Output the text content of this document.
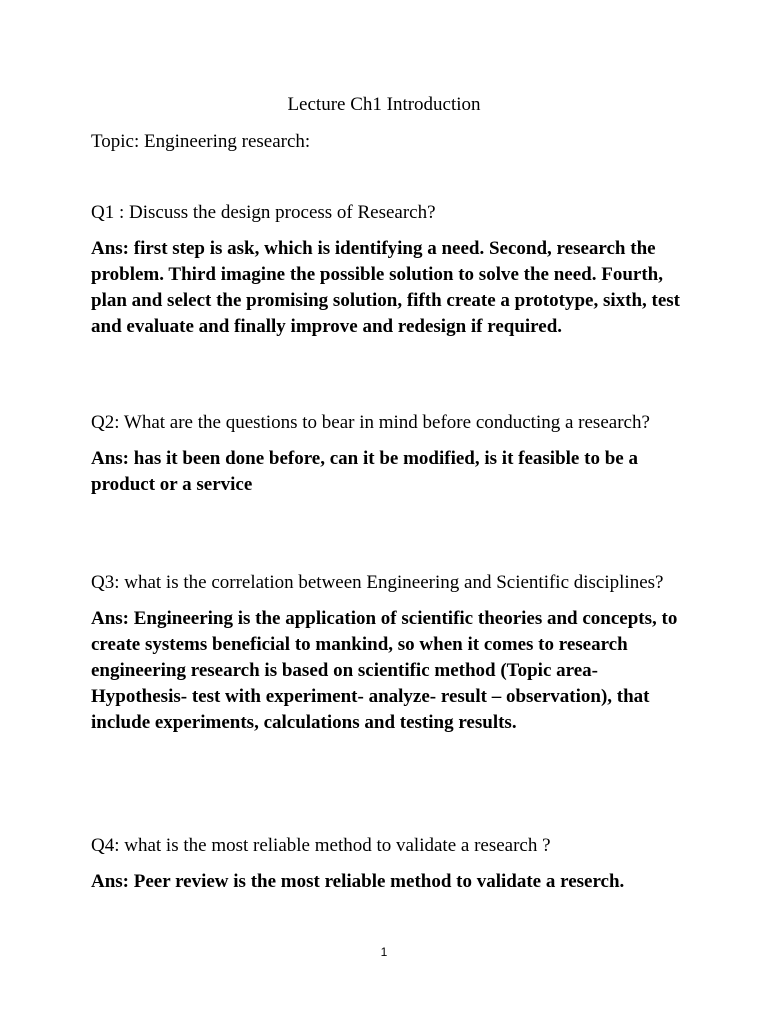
Lecture Ch1 Introduction
Topic: Engineering research:

Q1 : Discuss the design process of Research?

Ans: first step is ask, which is identifying a need. Second, research the problem. Third imagine the possible solution to solve the need. Fourth, plan and select the promising solution, fifth create a prototype, sixth, test and evaluate and finally improve and redesign if required.

Q2: What are the questions to bear in mind before conducting a research?

Ans: has it been done before, can it be modified, is it feasible to be a product or a service

Q3: what is the correlation between Engineering and Scientific disciplines?

Ans: Engineering is the application of scientific theories and concepts, to create systems beneficial to mankind, so when it comes to research engineering research is based on scientific method (Topic area-Hypothesis- test with experiment- analyze- result – observation), that include experiments, calculations and testing results.

Q4: what is the most reliable method to validate a research ?

Ans: Peer review is the most reliable method to validate a reserch.

1
